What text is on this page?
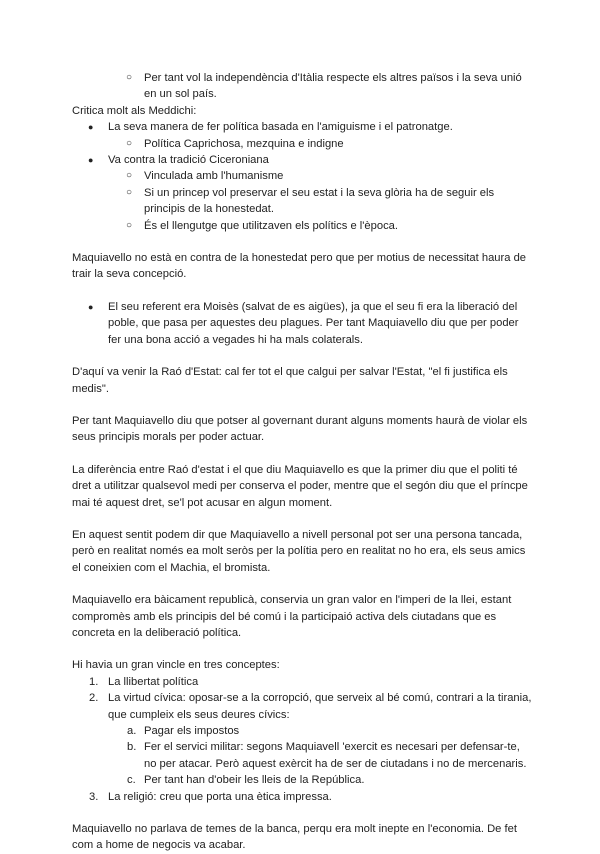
○ Per tant vol la independència d'Itàlia respecte els altres països i la seva unió en un sol país.

Critica molt als Meddichi:

● La seva manera de fer política basada en l'amiguisme i el patronatge.

○ Política Caprichosa, mezquina e indigne

● Va contra la tradició Ciceroniana

○ Vinculada amb l'humanisme

○ Si un princep vol preservar el seu estat i la seva glòria ha de seguir els principis de la honestedat.

○ És el llengutge que utilitzaven els polítics e l'època.

Maquiavello no està en contra de la honestedat pero que per motius de necessitat haura de trair la seva concepció.

● El seu referent era Moisès (salvat de es aigües), ja que el seu fi era la liberació del poble, que pasa per aquestes deu plagues. Per tant Maquiavello diu que per poder fer una bona acció a vegades hi ha mals colaterals.

D'aquí va venir la Raó d'Estat: cal fer tot el que calgui per salvar l'Estat, "el fi justifica els medis".

Per tant Maquiavello diu que potser al governant durant alguns moments haurà de violar els seus principis morals per poder actuar.

La diferència entre Raó d'estat i el que diu Maquiavello es que la primer diu que el politi té dret a utilitzar qualsevol medi per conserva el poder, mentre que el segón diu que el príncpe mai té aquest dret, se'l pot acusar en algun moment.

En aquest sentit podem dir que Maquiavello a nivell personal pot ser una persona tancada, però en realitat només ea molt seròs per la polítia pero en realitat no ho era, els seus amics el coneixien com el Machia, el bromista.

Maquiavello era bàicament republicà, conservia un gran valor en l'imperi de la llei, estant compromès amb els principis del bé comú i la participaió activa dels ciutadans que es concreta en la deliberació política.

Hi havia un gran vincle en tres conceptes:

1. La llibertat política

2. La virtud cívica: oposar-se a la corropció, que serveix al bé comú, contrari a la tirania, que cumpleix els seus deures cívics:

a. Pagar els impostos

b. Fer el servici militar: segons Maquiavell 'exercit es necesari per defensar-te, no per atacar. Però aquest exèrcit ha de ser de ciutadans i no de mercenaris.

c. Per tant han d'obeir les lleis de la República.

3. La religió: creu que porta una ètica impressa.

Maquiavello no parlava de temes de la banca, perqu era molt inepte en l'economia. De fet com a home de negocis va acabar.
